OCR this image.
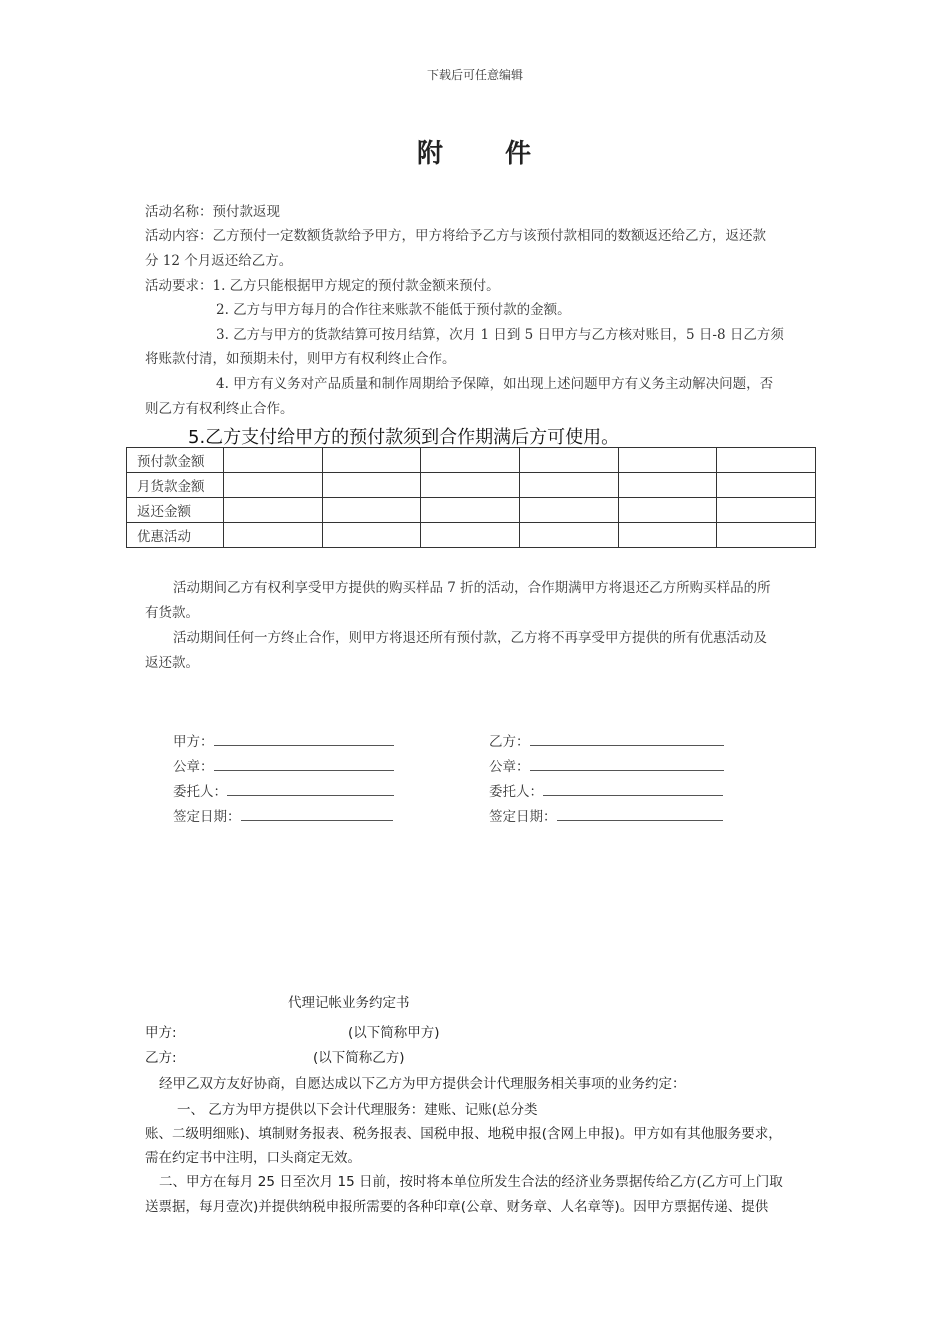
下载后可任意编辑
附 件
活动名称：预付款返现
活动内容：乙方预付一定数额货款给予甲方，甲方将给予乙方与该预付款相同的数额返还给乙方，返还款
分 12 个月返还给乙方。
活动要求：1. 乙方只能根据甲方规定的预付款金额来预付。
2. 乙方与甲方每月的合作往来账款不能低于预付款的金额。
3. 乙方与甲方的货款结算可按月结算，次月 1 日到 5 日甲方与乙方核对账目，5 日-8 日乙方须
将账款付清，如预期未付，则甲方有权利终止合作。
4. 甲方有义务对产品质量和制作周期给予保障，如出现上述问题甲方有义务主动解决问题，否
则乙方有权利终止合作。
5.乙方支付给甲方的预付款须到合作期满后方可使用。
预付款金额						
月货款金额						
返还金额						
优惠活动						
活动期间乙方有权利享受甲方提供的购买样品 7 折的活动，合作期满甲方将退还乙方所购买样品的所
有货款。
活动期间任何一方终止合作，则甲方将退还所有预付款，乙方将不再享受甲方提供的所有优惠活动及
返还款。
甲方：	乙方：
公章：	公章：
委托人：	委托人：
签定日期：	签定日期：
代理记帐业务约定书
甲方:	(以下简称甲方)
乙方:	(以下简称乙方)
经甲乙双方友好协商，自愿达成以下乙方为甲方提供会计代理服务相关事项的业务约定：
一、 乙方为甲方提供以下会计代理服务：建账、记账(总分类
账、二级明细账)、填制财务报表、税务报表、国税申报、地税申报(含网上申报)。甲方如有其他服务要求，
需在约定书中注明，口头商定无效。
二、甲方在每月 25 日至次月 15 日前，按时将本单位所发生合法的经济业务票据传给乙方(乙方可上门取
送票据，每月壹次)并提供纳税申报所需要的各种印章(公章、财务章、人名章等)。因甲方票据传递、提供
